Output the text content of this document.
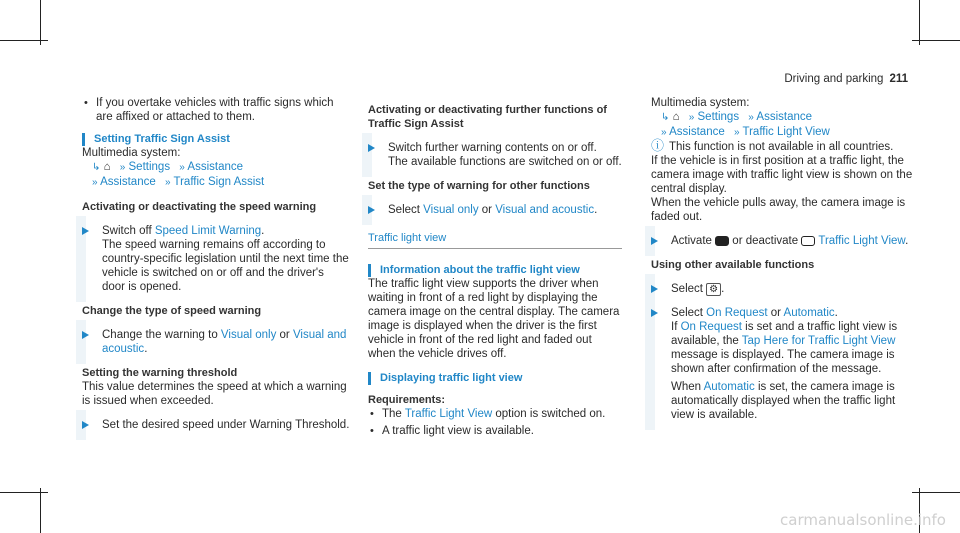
Driving and parking 211

• If you overtake vehicles with traffic signs which are affixed or attached to them.

Setting Traffic Sign Assist

Multimedia system:

↳ ⌂ » Settings » Assistance

» Assistance » Traffic Sign Assist

Activating or deactivating the speed warning

Switch off Speed Limit Warning.

The speed warning remains off according to country-specific legislation until the next time the vehicle is switched on or off and the driver's door is opened.

Change the type of speed warning

Change the warning to Visual only or Visual and acoustic.

Setting the warning threshold

This value determines the speed at which a warning is issued when exceeded.

Set the desired speed under Warning Threshold.

Activating or deactivating further functions of Traffic Sign Assist

Switch further warning contents on or off.

The available functions are switched on or off.

Set the type of warning for other functions

Select Visual only or Visual and acoustic.

Traffic light view

Information about the traffic light view

The traffic light view supports the driver when waiting in front of a red light by displaying the camera image on the central display. The camera image is displayed when the driver is the first vehicle in front of the red light and faded out when the vehicle drives off.

Displaying traffic light view

Requirements:

• The Traffic Light View option is switched on.

• A traffic light view is available.

Multimedia system:

↳ ⌂ » Settings » Assistance

» Assistance » Traffic Light View

ⓘ This function is not available in all countries.

If the vehicle is in first position at a traffic light, the camera image with traffic light view is shown on the central display.

When the vehicle pulls away, the camera image is faded out.

Activate  or deactivate  Traffic Light View.

Using other available functions

Select ⚙ .

Select On Request or Automatic.

If On Request is set and a traffic light view is available, the Tap Here for Traffic Light View message is displayed. The camera image is shown after confirmation of the message.

When Automatic is set, the camera image is automatically displayed when the traffic light view is available.

carmanualsonline.info
